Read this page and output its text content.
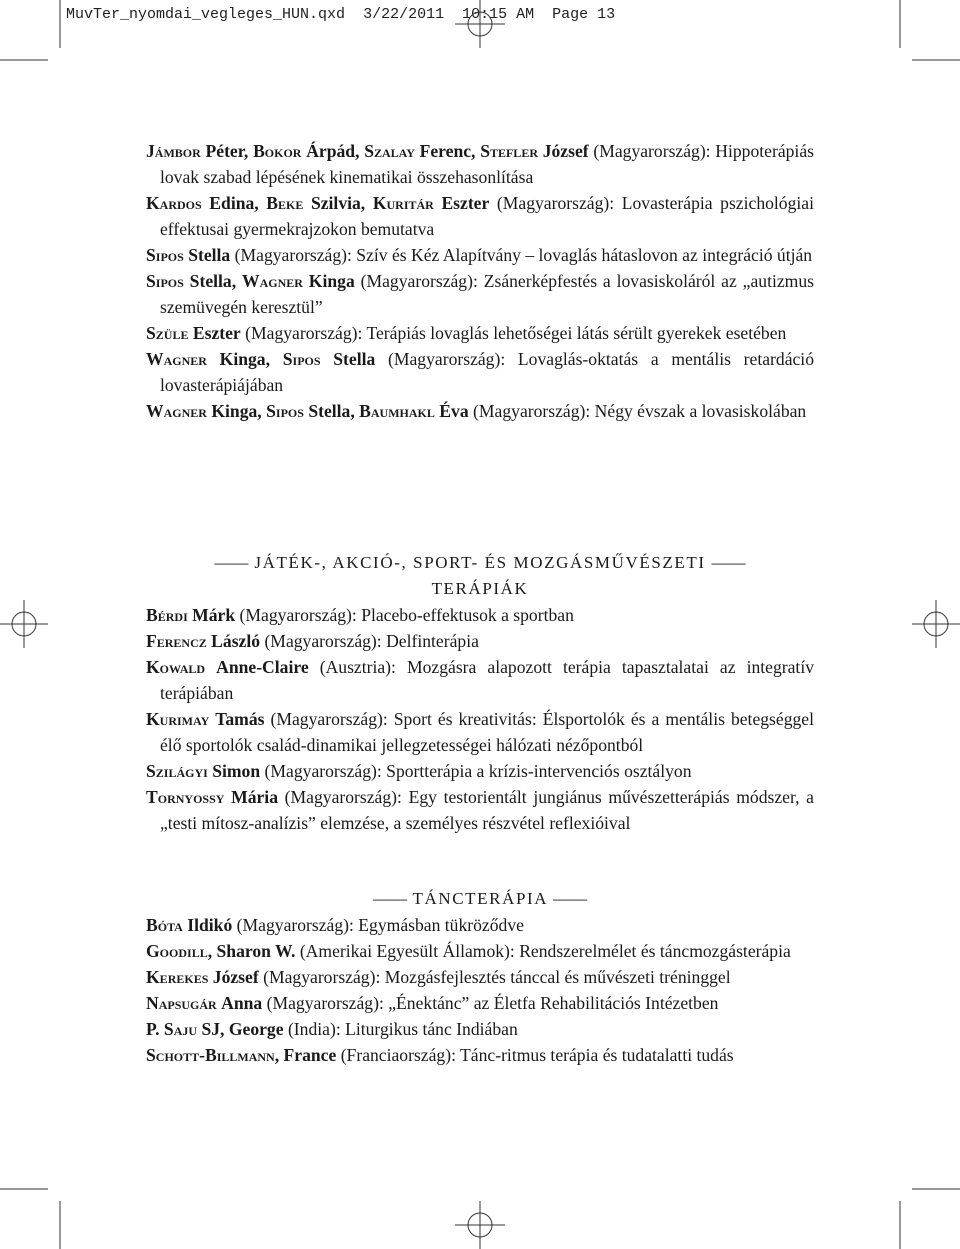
MuvTer_nyomdai_vegleges_HUN.qxd 3/22/2011 10:15 AM Page 13

Jámbor Péter, Bokor Árpád, Szalay Ferenc, Stefler József (Magyarország): Hippoterápiás lovak szabad lépésének kinematikai összehasonlítása

Kardos Edina, Beke Szilvia, Kuritár Eszter (Magyarország): Lovasterápia pszichológiai effektusai gyermekrajzokon bemutatva

Sipos Stella (Magyarország): Szív és Kéz Alapítvány – lovaglás hátaslovon az integráció útján

Sipos Stella, Wagner Kinga (Magyarország): Zsánerképfestés a lovasiskoláról az „autizmus szemüvegén keresztül”

Szüle Eszter (Magyarország): Terápiás lovaglás lehetőségei látás sérült gyerekek esetében

Wagner Kinga, Sipos Stella (Magyarország): Lovaglás-oktatás a mentális retardáció lovasterápiájában

Wagner Kinga, Sipos Stella, Baumhakl Éva (Magyarország): Négy évszak a lovasiskolában

—— JÁTÉK-, AKCIÓ-, SPORT- ÉS MOZGÁSMŰVÉSZETI ——

TERÁPIÁK

Bérdi Márk (Magyarország): Placebo-effektusok a sportban

Ferencz László (Magyarország): Delfinterápia

Kowald Anne-Claire (Ausztria): Mozgásra alapozott terápia tapasztalatai az integratív terápiában

Kurimay Tamás (Magyarország): Sport és kreativitás: Élsportolók és a mentális betegséggel élő sportolók család-dinamikai jellegzetességei hálózati nézőpontból

Szilágyi Simon (Magyarország): Sportterápia a krízis-intervenciós osztályon

Tornyossy Mária (Magyarország): Egy testorientált jungiánus művészetterápiás módszer, a „testi mítosz-analízis” elemzése, a személyes részvétel reflexióival

—— TÁNCTERÁPIA ——

Bóta Ildikó (Magyarország): Egymásban tükröződve

Goodill, Sharon W. (Amerikai Egyesült Államok): Rendszerelmélet és táncmozgásterápia

Kerekes József (Magyarország): Mozgásfejlesztés tánccal és művészeti tréninggel

Napsugár Anna (Magyarország): „Énektánc” az Életfa Rehabilitációs Intézetben

P. Saju SJ, George (India): Liturgikus tánc Indiában

Schott-Billmann, France (Franciaország): Tánc-ritmus terápia és tudatalatti tudás
